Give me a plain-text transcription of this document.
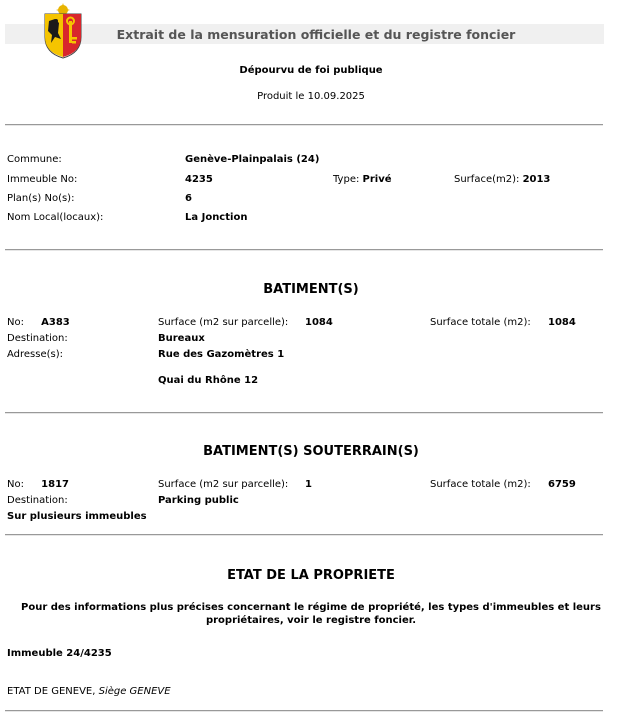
Extrait de la mensuration officielle et du registre foncier
Dépourvu de foi publique
Produit le 10.09.2025
Commune:	Genève-Plainpalais (24)
Immeuble No:	4235	Type: Privé	Surface(m2): 2013
Plan(s) No(s):	6
Nom Local(locaux):	La Jonction
BATIMENT(S)
No: A383	Surface (m2 sur parcelle): 1084	Surface totale (m2): 1084
Destination:	Bureaux
Adresse(s):	Rue des Gazomètres 1
Quai du Rhône 12
BATIMENT(S) SOUTERRAIN(S)
No: 1817	Surface (m2 sur parcelle): 1	Surface totale (m2): 6759
Destination:	Parking public
Sur plusieurs immeubles
ETAT DE LA PROPRIETE
Pour des informations plus précises concernant le régime de propriété, les types d'immeubles et leurs
propriétaires, voir le registre foncier.
Immeuble 24/4235
ETAT DE GENEVE, Siège GENEVE
